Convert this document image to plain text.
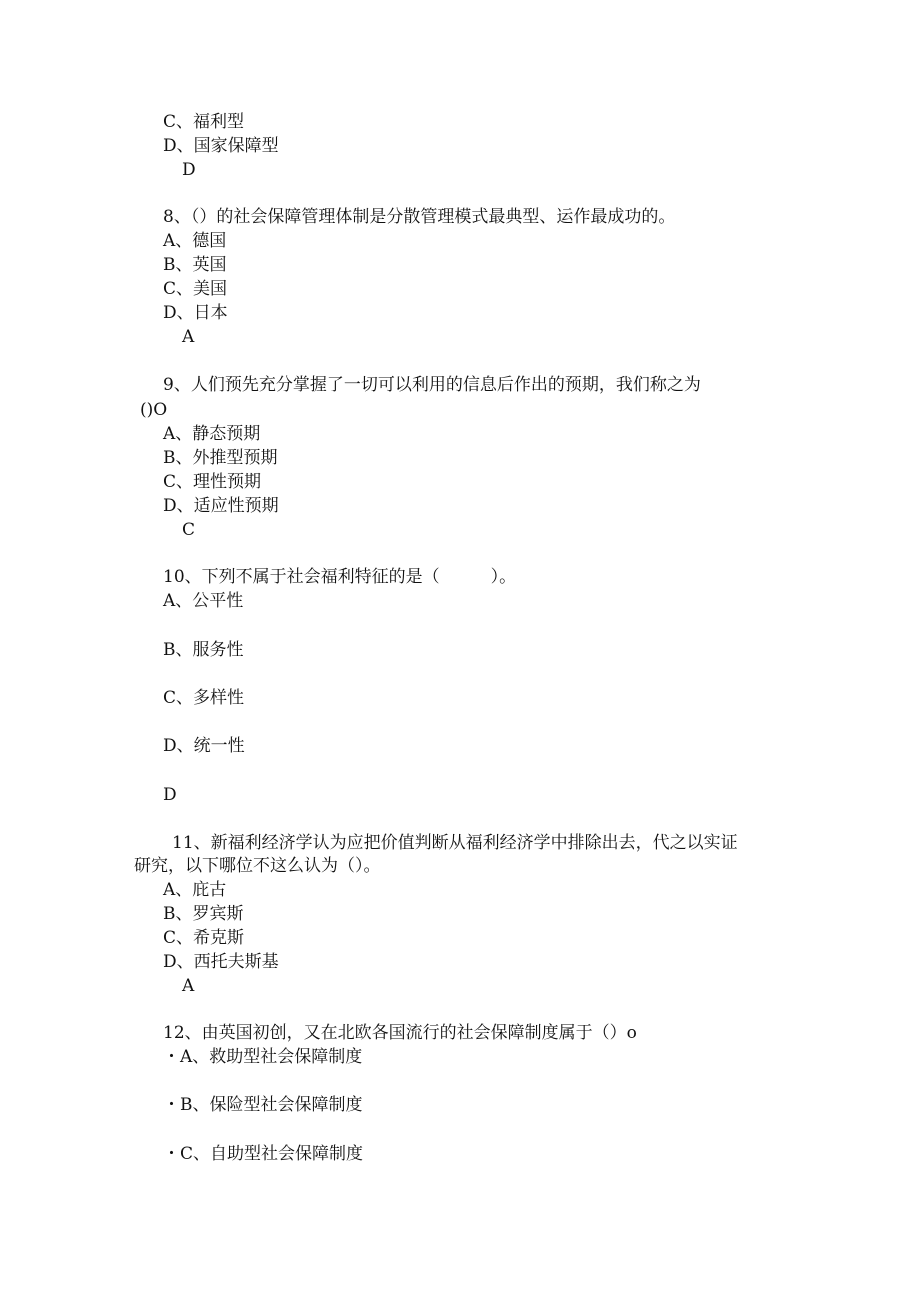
C、福利型
D、国家保障型
D
8、（）的社会保障管理体制是分散管理模式最典型、运作最成功的。
A、德国
B、英国
C、美国
D、日本
A
9、人们预先充分掌握了一切可以利用的信息后作出的预期，我们称之为
()O
A、静态预期
B、外推型预期
C、理性预期
D、适应性预期
C
10、下列不属于社会福利特征的是（　　　）。
A、公平性
B、服务性
C、多样性
D、统一性
D
11、新福利经济学认为应把价值判断从福利经济学中排除出去，代之以实证
研究，以下哪位不这么认为（）。
A、庇古
B、罗宾斯
C、希克斯
D、西托夫斯基
A
12、由英国初创，又在北欧各国流行的社会保障制度属于（）o
・A、救助型社会保障制度
・B、保险型社会保障制度
・C、自助型社会保障制度
